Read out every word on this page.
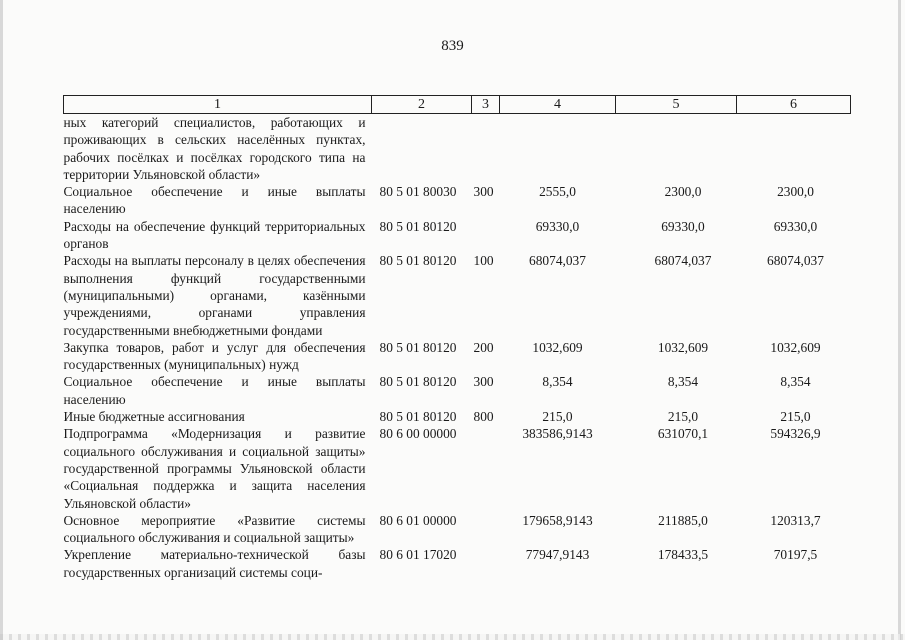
839
1	2	3	4	5	6
ных категорий специалистов, работающих и проживающих в сельских населённых пунктах, рабочих посёлках и посёлках городского типа на территории Ульяновской области»					
Социальное обеспечение и иные выплаты населению	80 5 01 80030	300	2555,0	2300,0	2300,0
Расходы на обеспечение функций территориальных органов	80 5 01 80120		69330,0	69330,0	69330,0
Расходы на выплаты персоналу в целях обеспечения выполнения функций государственными (муниципальными) органами, казёнными учреждениями, органами управления государственными внебюджетными фондами	80 5 01 80120	100	68074,037	68074,037	68074,037
Закупка товаров, работ и услуг для обеспечения государственных (муниципальных) нужд	80 5 01 80120	200	1032,609	1032,609	1032,609
Социальное обеспечение и иные выплаты населению	80 5 01 80120	300	8,354	8,354	8,354
Иные бюджетные ассигнования	80 5 01 80120	800	215,0	215,0	215,0
Подпрограмма «Модернизация и развитие социального обслуживания и социальной защиты» государственной программы Ульяновской области «Социальная поддержка и защита населения Ульяновской области»	80 6 00 00000		383586,9143	631070,1	594326,9
Основное мероприятие «Развитие системы социального обслуживания и социальной защиты»	80 6 01 00000		179658,9143	211885,0	120313,7
Укрепление материально-технической базы государственных организаций системы соци-	80 6 01 17020		77947,9143	178433,5	70197,5
